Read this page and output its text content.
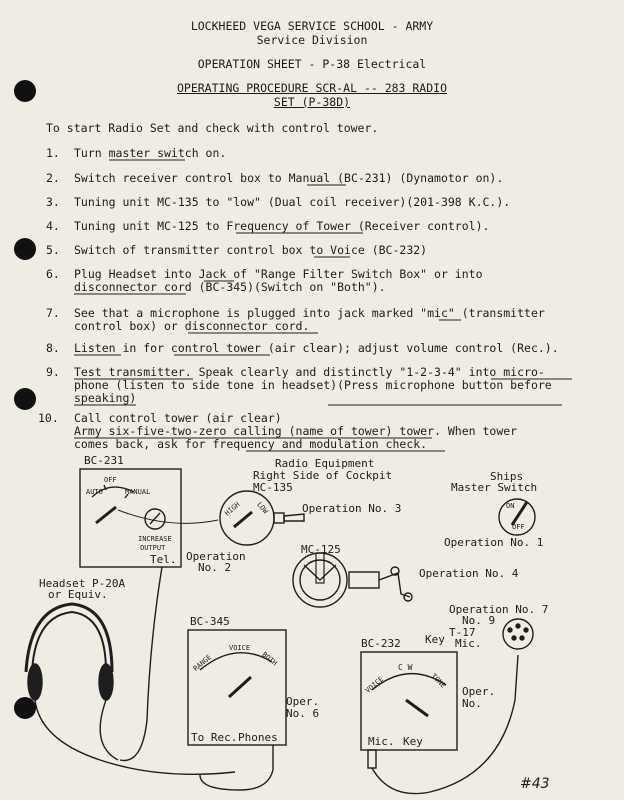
LOCKHEED VEGA SERVICE SCHOOL - ARMY
Service Division
OPERATION SHEET - P-38 Electrical
OPERATING PROCEDURE SCR-AL -- 283 RADIO
SET (P-38D)
To start Radio Set and check with control tower.
1. Turn master switch on.
2. Switch receiver control box to Manual (BC-231) (Dynamotor on).
3. Tuning unit MC-135 to "low" (Dual coil receiver)(201-398 K.C.).
4. Tuning unit MC-125 to Frequency of Tower (Receiver control).
5. Switch of transmitter control box to Voice (BC-232)
6. Plug Headset into Jack of "Range Filter Switch Box" or into
disconnector cord (BC-345)(Switch on "Both").
7. See that a microphone is plugged into jack marked "mic" (transmitter
control box) or disconnector cord.
8. Listen in for control tower (air clear); adjust volume control (Rec.).
9. Test transmitter. Speak clearly and distinctly "1-2-3-4" into micro-
phone (listen to side tone in headset)(Press microphone button before
speaking)
10. Call control tower (air clear)
Army six-five-two-zero calling (name of tower) tower. When tower
comes back, ask for frequency and modulation check.
BC-231
OFF
AUTO	MANUAL
INCREASE
OUTPUT
Tel. Operation
No. 2
Radio Equipment
Right Side of Cockpit
MC-135
HIGH LOW	Operation No. 3
Ships
Master Switch
ON
OFF
Operation No. 1
MC-125
Operation No. 4
Headset P-20A
or Equiv.
BC-345
RANGE
VOICE
BOTH
To Rec. Phones
Oper.
No. 6
BC-232 Key
C W
VOICE	TONE
Mic. Key
Oper.
No.
Operation No. 7
No. 9
T-17
Mic.
#43
